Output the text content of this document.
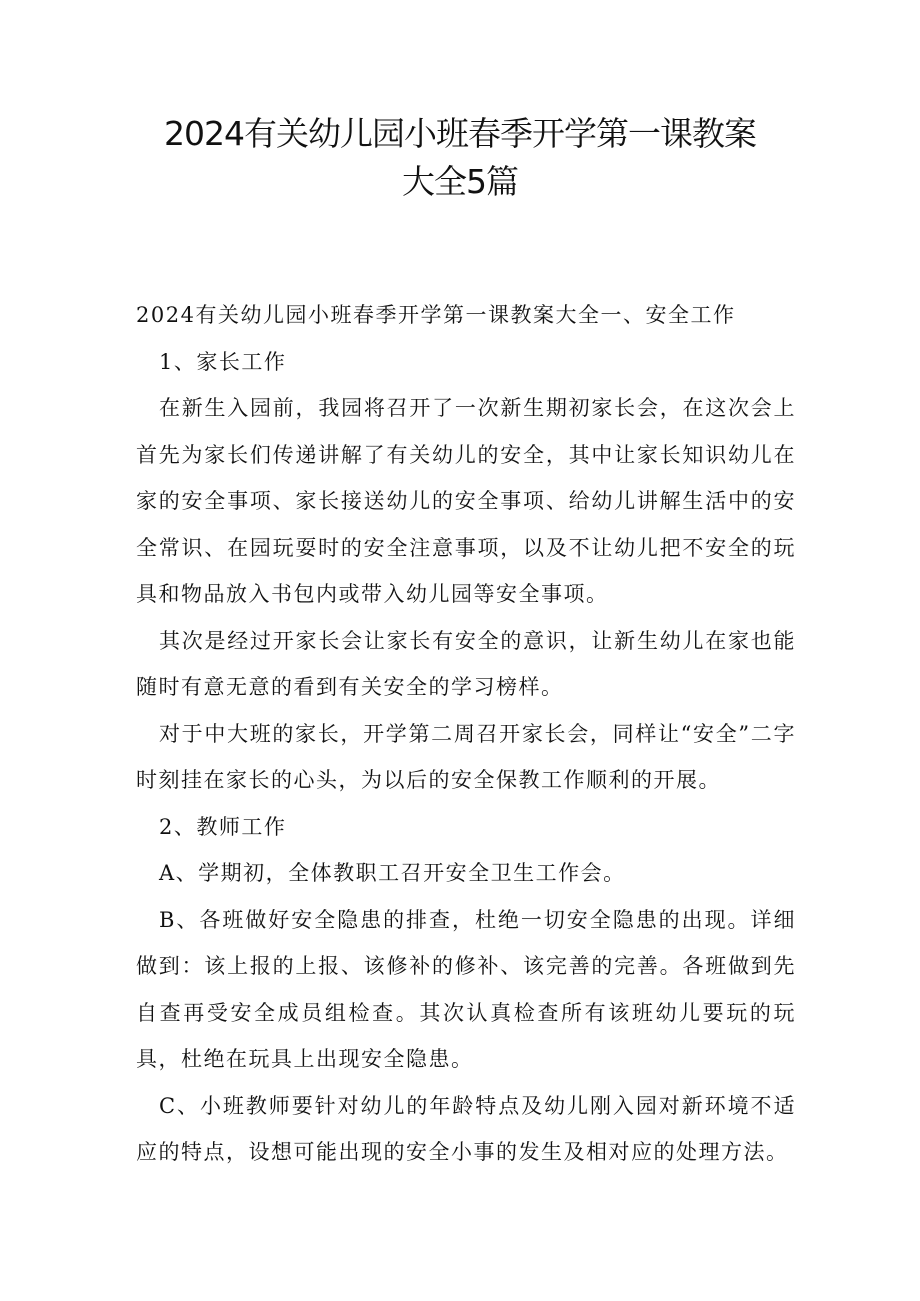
2024有关幼儿园小班春季开学第一课教案
大全5篇

2024有关幼儿园小班春季开学第一课教案大全一、安全工作

1、家长工作

在新生入园前，我园将召开了一次新生期初家长会，在这次会上首先为家长们传递讲解了有关幼儿的安全，其中让家长知识幼儿在家的安全事项、家长接送幼儿的安全事项、给幼儿讲解生活中的安全常识、在园玩耍时的安全注意事项，以及不让幼儿把不安全的玩具和物品放入书包内或带入幼儿园等安全事项。

其次是经过开家长会让家长有安全的意识，让新生幼儿在家也能随时有意无意的看到有关安全的学习榜样。

对于中大班的家长，开学第二周召开家长会，同样让“安全”二字时刻挂在家长的心头，为以后的安全保教工作顺利的开展。

2、教师工作

A、学期初，全体教职工召开安全卫生工作会。

B、各班做好安全隐患的排查，杜绝一切安全隐患的出现。详细做到：该上报的上报、该修补的修补、该完善的完善。各班做到先自查再受安全成员组检查。其次认真检查所有该班幼儿要玩的玩具，杜绝在玩具上出现安全隐患。

C、小班教师要针对幼儿的年龄特点及幼儿刚入园对新环境不适应的特点，设想可能出现的安全小事的发生及相对应的处理方法。
